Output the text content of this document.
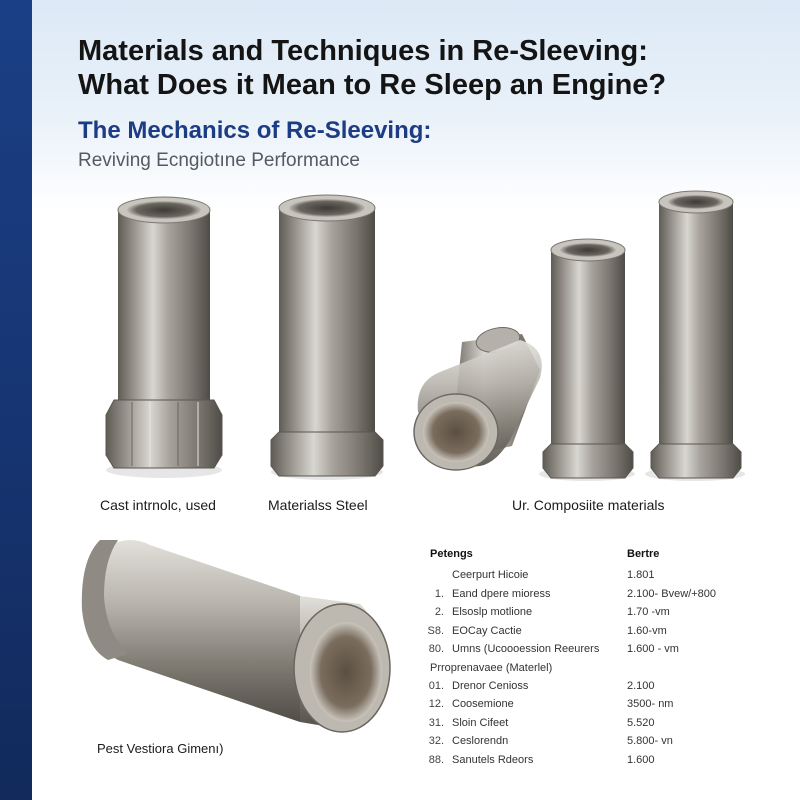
Materials and Techniques in Re-Sleeving:
What Does it Mean to Re Sleep an Engine?
The Mechanics of Re-Sleeving:

Reviving Ecngiotıne Performance

Cast intrnolc, used	Materialss Steel	Ur. Composiite materials
Pest Vestiora Gimenı)
Petengs	Bertre
Ceerpurt Hicoie	1.801
1. Eand dpere mioress	2.100- Bvew/+800
2. Elsoslp motlione	1.70 -vm
S8. EOCay Cactie	1.60-vm
80. Umns (Ucoooession Reeurers	1.600 - vm
Prroprenavaee (Materlel)
01. Drenor Cenioss	2.100
12. Coosemione	3500- nm
31. Sloin Cifeet	5.520
32. Ceslorendn	5.800- vn
88. Sanutels Rdeors	1.600
